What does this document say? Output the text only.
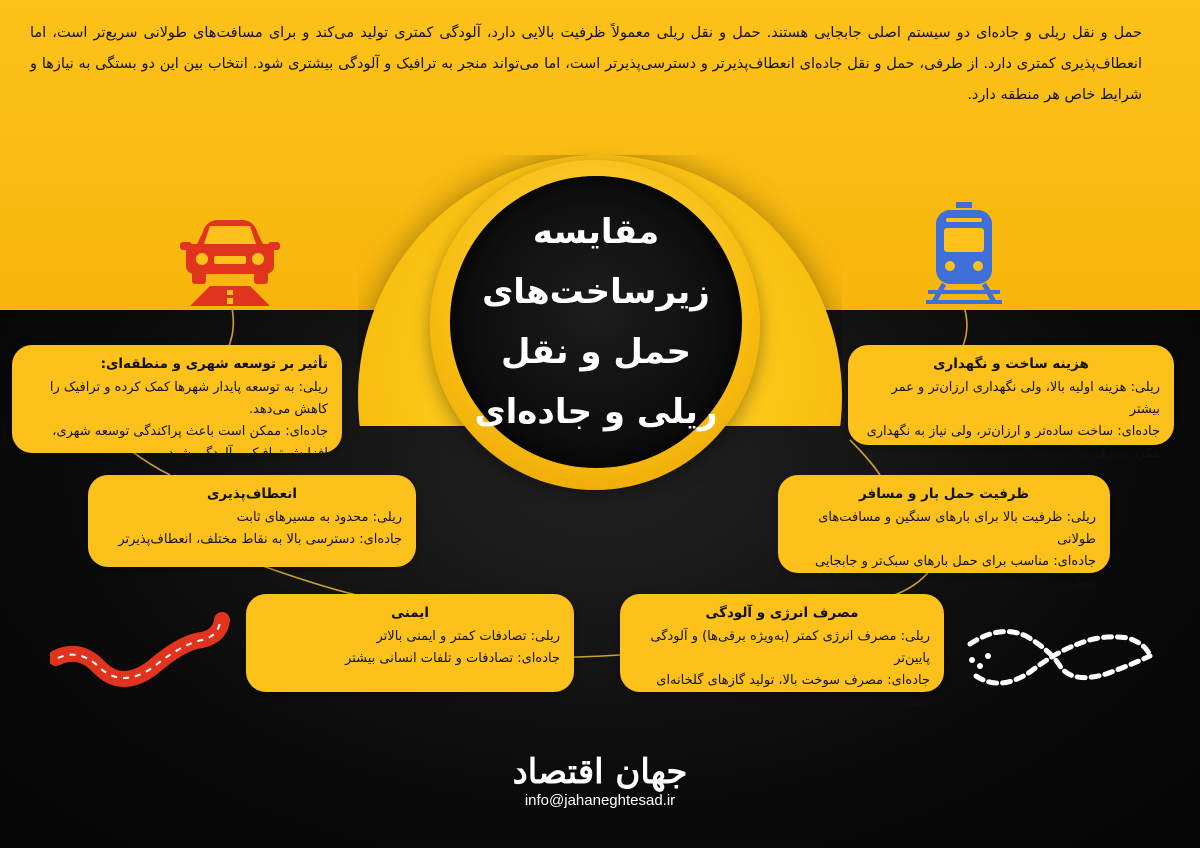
حمل و نقل ریلی و جاده‌ای دو سیستم اصلی جابجایی هستند. حمل و نقل ریلی معمولاً ظرفیت بالایی دارد، آلودگی کمتری تولید می‌کند و برای مسافت‌های طولانی سریع‌تر است، اما انعطاف‌پذیری کمتری دارد. از طرفی، حمل و نقل جاده‌ای انعطاف‌پذیرتر و دسترسی‌پذیرتر است، اما می‌تواند منجر به ترافیک و آلودگی بیشتری شود. انتخاب بین این دو بستگی به نیازها و شرایط خاص هر منطقه دارد.
مقایسه زیرساخت‌های حمل و نقل ریلی و جاده‌ای
تأثیر بر توسعه شهری و منطقه‌ای:
ریلی: به توسعه پایدار شهرها کمک کرده و ترافیک را کاهش می‌دهد.
جاده‌ای: ممکن است باعث پراکندگی توسعه شهری، افزایش ترافیک و آلودگی شود.
هزینه ساخت و نگهداری
ریلی: هزینه اولیه بالا، ولی نگهداری ارزان‌تر و عمر بیشتر
جاده‌ای: ساخت ساده‌تر و ارزان‌تر، ولی نیاز به نگهداری مکرر و پرهزینه
انعطاف‌پذیری
ریلی: محدود به مسیرهای ثابت
جاده‌ای: دسترسی بالا به نقاط مختلف، انعطاف‌پذیرتر
ظرفیت حمل بار و مسافر
ریلی: ظرفیت بالا برای بارهای سنگین و مسافت‌های طولانی
جاده‌ای: مناسب برای حمل بارهای سبک‌تر و جابجایی محلی
ایمنی
ریلی: تصادفات کمتر و ایمنی بالاتر
جاده‌ای: تصادفات و تلفات انسانی بیشتر
مصرف انرژی و آلودگی
ریلی: مصرف انرژی کمتر (به‌ویژه برقی‌ها) و آلودگی پایین‌تر
جاده‌ای: مصرف سوخت بالا، تولید گازهای گلخانه‌ای بیشتر
جهان اقتصاد
info@jahaneghtesad.ir
